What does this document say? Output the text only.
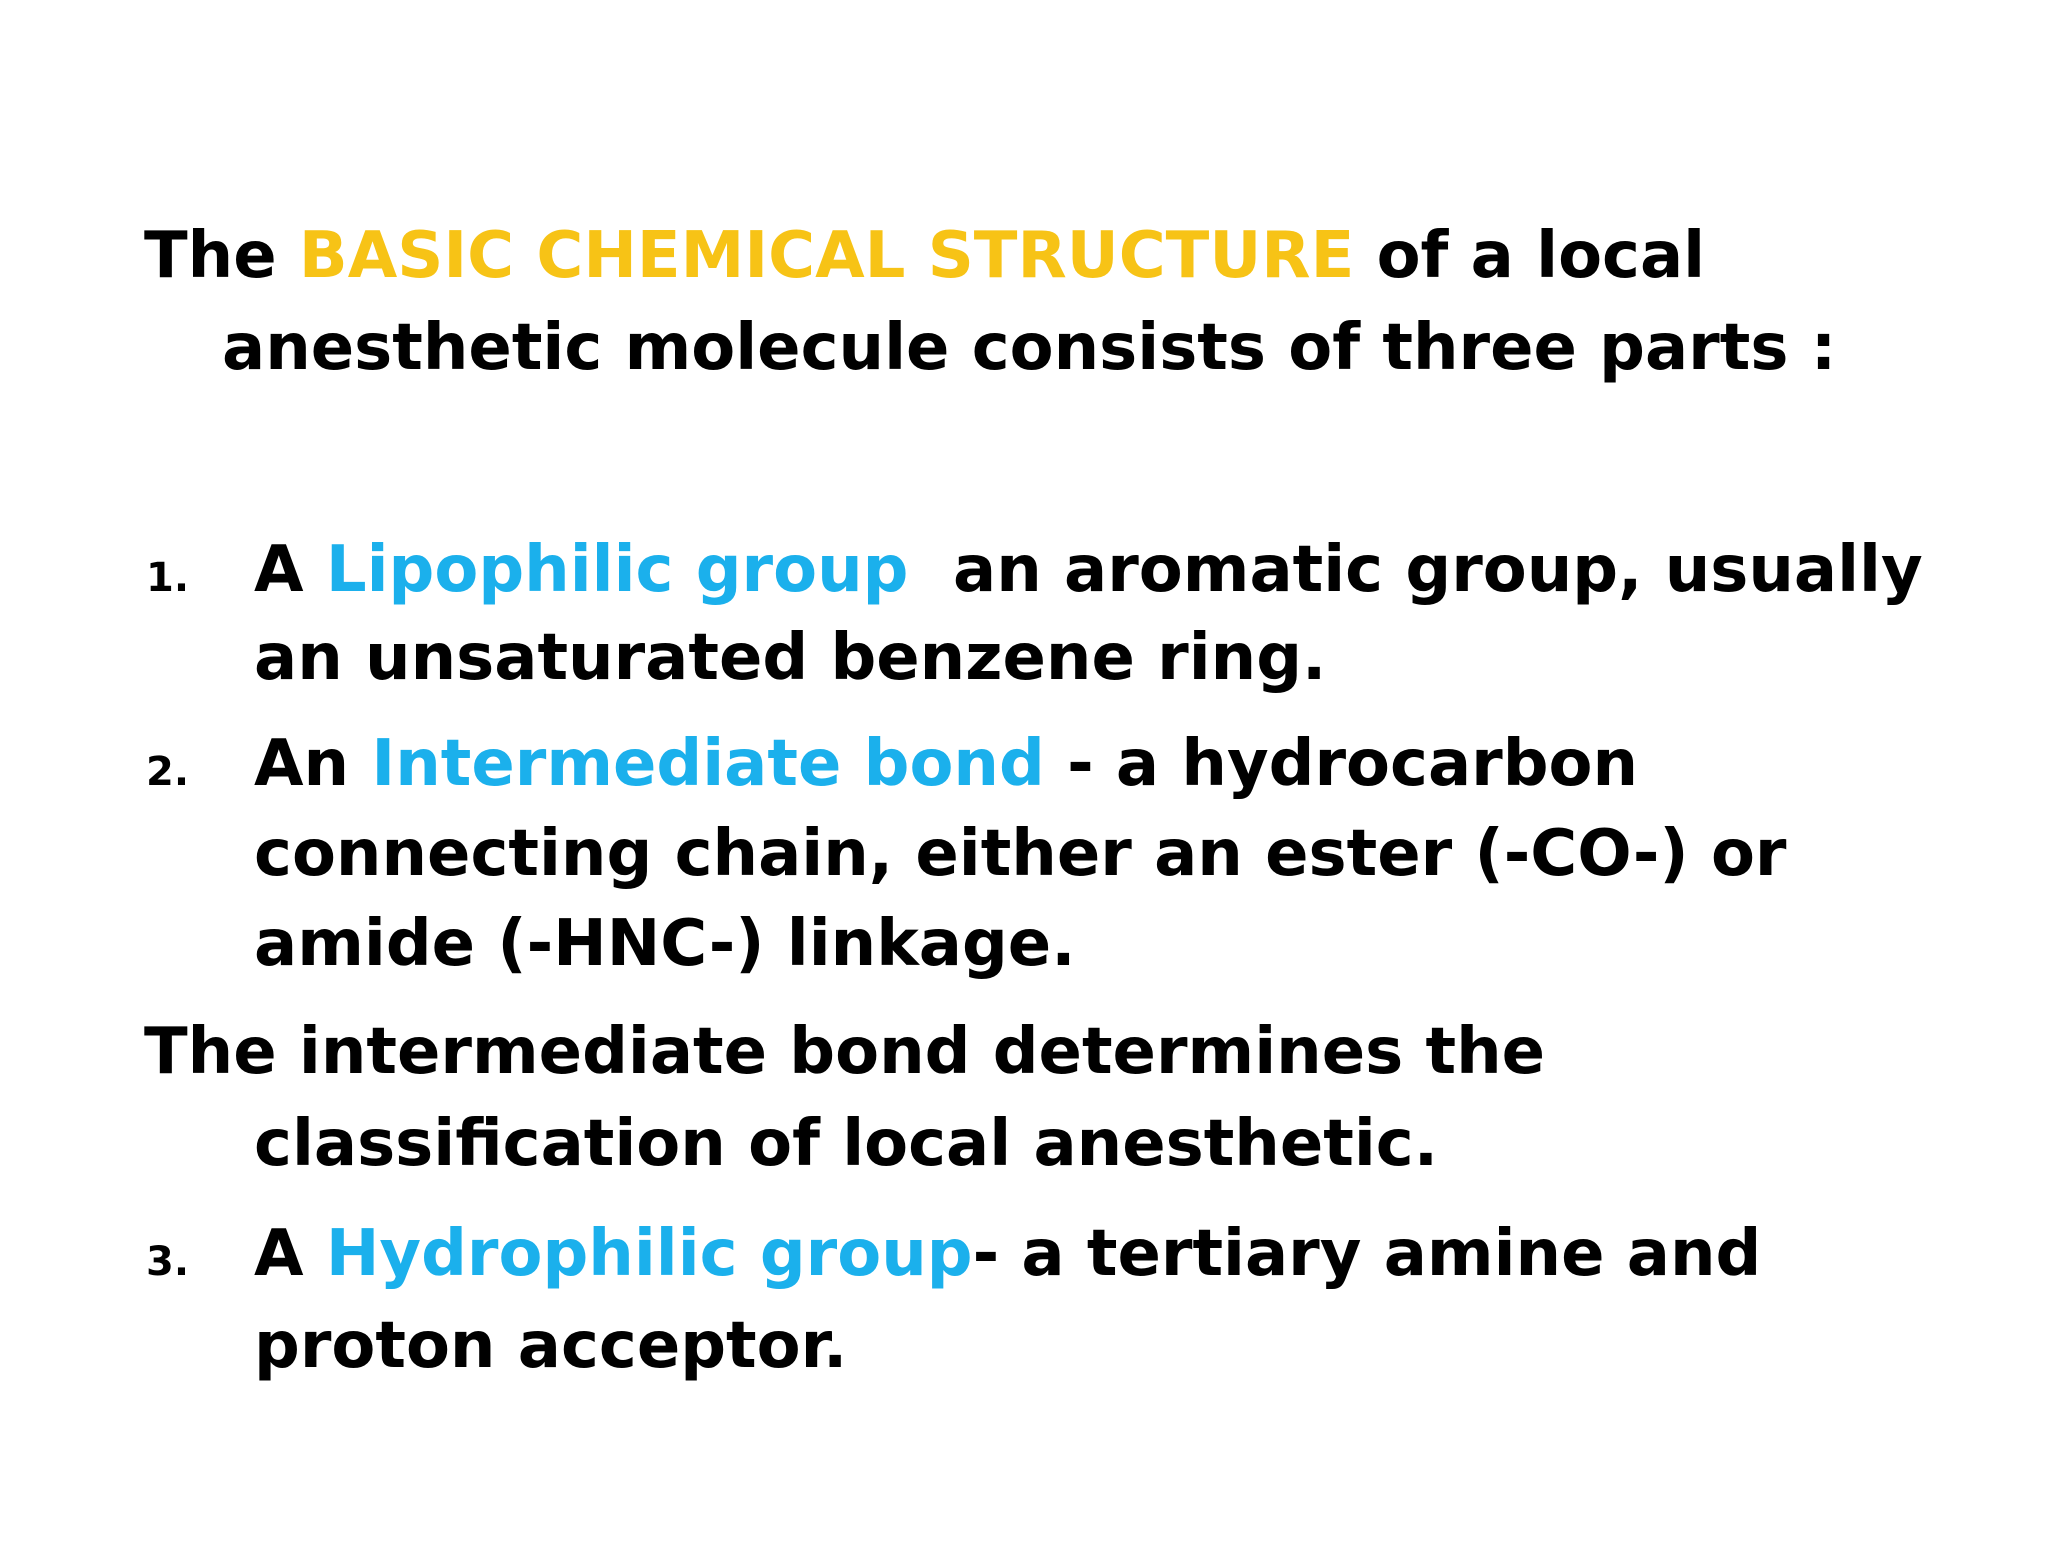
The BASIC CHEMICAL STRUCTURE of a local
anesthetic molecule consists of three parts :
1. A Lipophilic group  an aromatic group, usually
an unsaturated benzene ring.
2. An Intermediate bond - a hydrocarbon
connecting chain, either an ester (-CO-) or
amide (-HNC-) linkage.
The intermediate bond determines the
classification of local anesthetic.
3. A Hydrophilic group- a tertiary amine and
proton acceptor.
